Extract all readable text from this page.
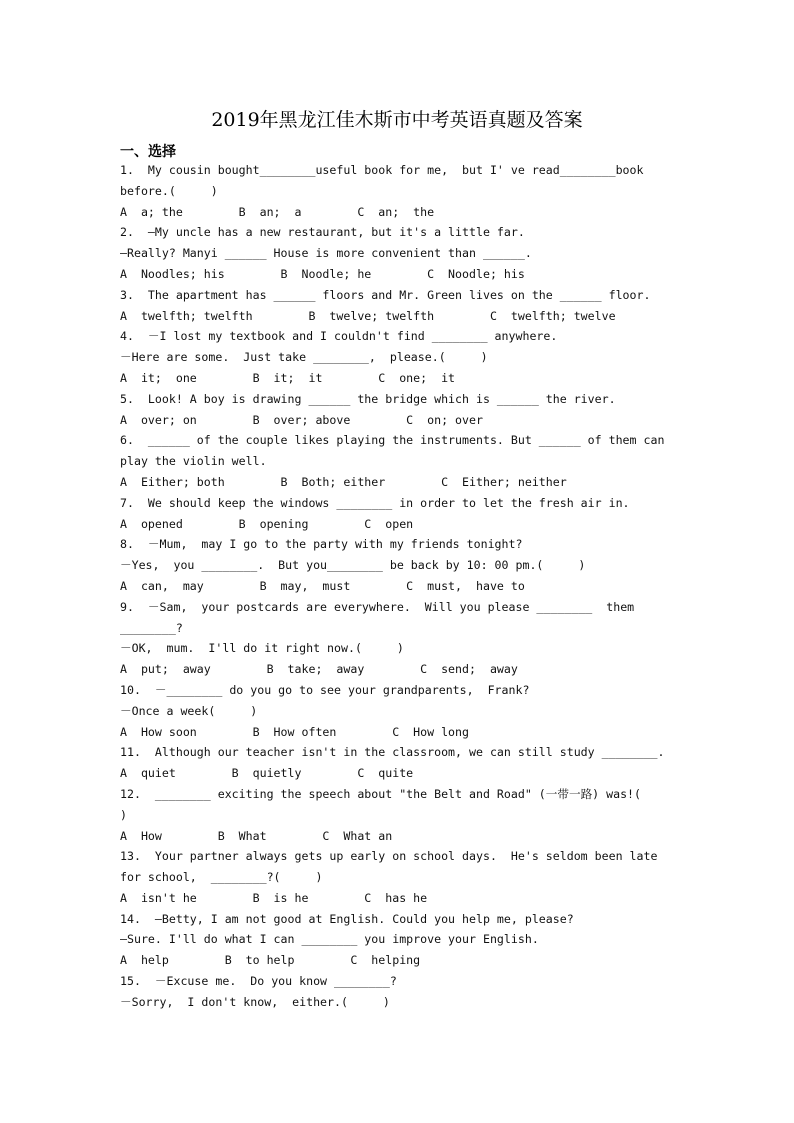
2019年黑龙江佳木斯市中考英语真题及答案
一、选择
1.  My cousin bought________useful book for me,  but I' ve read________book
before.(     )
A  a; the        B  an;  a        C  an;  the
2.  —My uncle has a new restaurant, but it's a little far.
—Really? Manyi ______ House is more convenient than ______.
A  Noodles; his        B  Noodle; he        C  Noodle; his
3.  The apartment has ______ floors and Mr. Green lives on the ______ floor.
A  twelfth; twelfth        B  twelve; twelfth        C  twelfth; twelve
4.  －I lost my textbook and I couldn't find ________ anywhere.
－Here are some.  Just take ________,  please.(     )
A  it;  one        B  it;  it        C  one;  it
5.  Look! A boy is drawing ______ the bridge which is ______ the river.
A  over; on        B  over; above        C  on; over
6.  ______ of the couple likes playing the instruments. But ______ of them can
play the violin well.
A  Either; both        B  Both; either        C  Either; neither
7.  We should keep the windows ________ in order to let the fresh air in.
A  opened        B  opening        C  open
8.  －Mum,  may I go to the party with my friends tonight?
－Yes,  you ________.  But you________ be back by 10: 00 pm.(     )
A  can,  may        B  may,  must        C  must,  have to
9.  －Sam,  your postcards are everywhere.  Will you please ________  them
________?
－OK,  mum.  I'll do it right now.(     )
A  put;  away        B  take;  away        C  send;  away
10.  －________ do you go to see your grandparents,  Frank?
－Once a week(     )
A  How soon        B  How often        C  How long
11.  Although our teacher isn't in the classroom, we can still study ________.
A  quiet        B  quietly        C  quite
12.  ________ exciting the speech about "the Belt and Road" (一带一路) was!(
)
A  How        B  What        C  What an
13.  Your partner always gets up early on school days.  He's seldom been late
for school,  ________?(     )
A  isn't he        B  is he        C  has he
14.  —Betty, I am not good at English. Could you help me, please?
—Sure. I'll do what I can ________ you improve your English.
A  help        B  to help        C  helping
15.  －Excuse me.  Do you know ________?
－Sorry,  I don't know,  either.(     )
